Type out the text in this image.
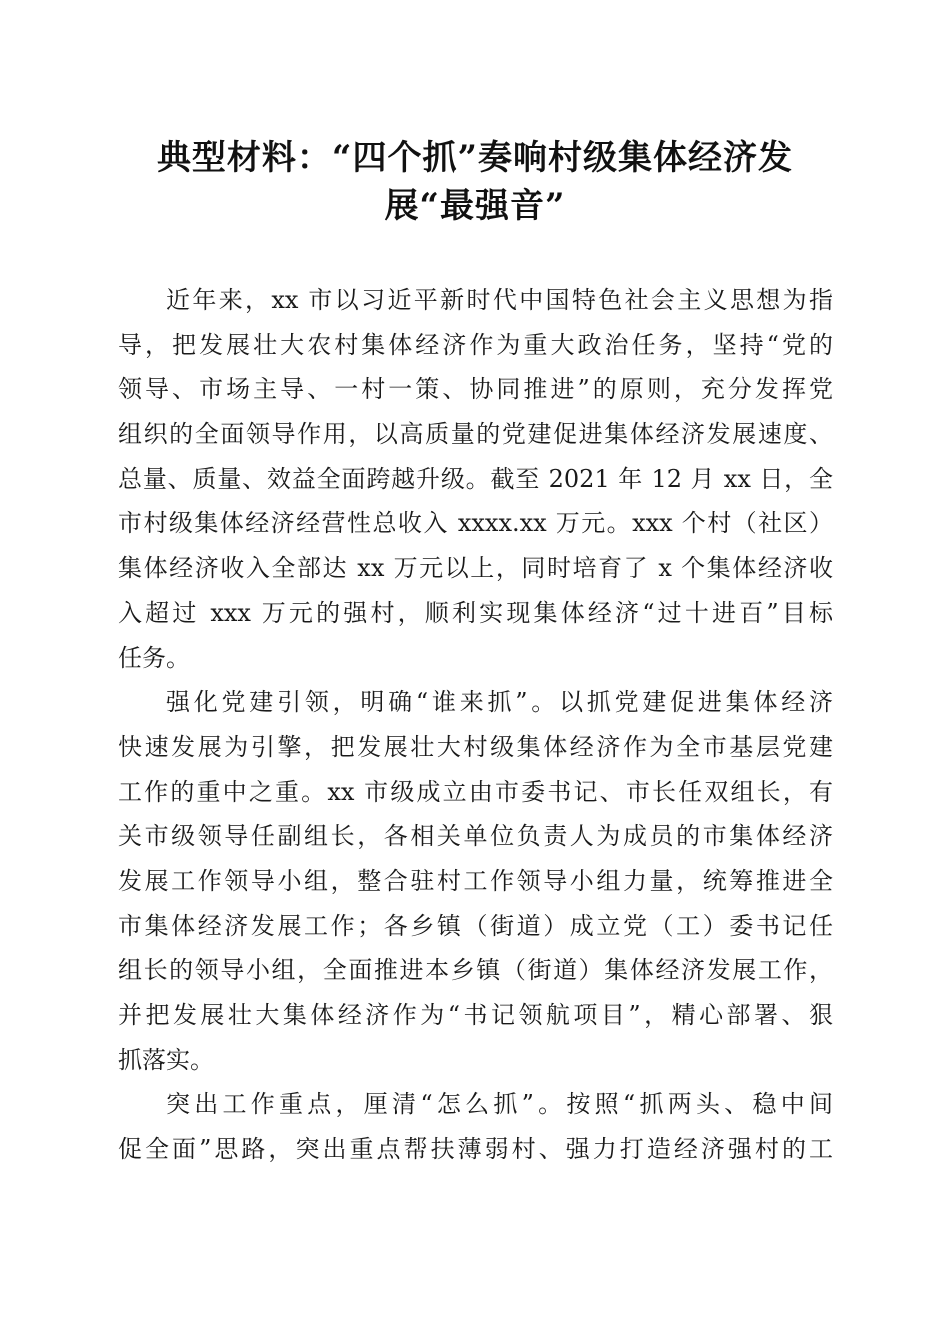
典型材料：“四个抓”奏响村级集体经济发
展“最强音”
近年来，xx 市以习近平新时代中国特色社会主义思想为指
导，把发展壮大农村集体经济作为重大政治任务，坚持“党的
领导、市场主导、一村一策、协同推进”的原则，充分发挥党
组织的全面领导作用，以高质量的党建促进集体经济发展速度、
总量、质量、效益全面跨越升级。截至 2021 年 12 月 xx 日，全
市村级集体经济经营性总收入 xxxx.xx 万元。xxx 个村（社区）
集体经济收入全部达 xx 万元以上，同时培育了 x 个集体经济收
入超过 xxx 万元的强村，顺利实现集体经济“过十进百”目标
任务。
强化党建引领，明确“谁来抓”。以抓党建促进集体经济
快速发展为引擎，把发展壮大村级集体经济作为全市基层党建
工作的重中之重。xx 市级成立由市委书记、市长任双组长，有
关市级领导任副组长，各相关单位负责人为成员的市集体经济
发展工作领导小组，整合驻村工作领导小组力量，统筹推进全
市集体经济发展工作；各乡镇（街道）成立党（工）委书记任
组长的领导小组，全面推进本乡镇（街道）集体经济发展工作，
并把发展壮大集体经济作为“书记领航项目”，精心部署、狠
抓落实。
突出工作重点，厘清“怎么抓”。按照“抓两头、稳中间
促全面”思路，突出重点帮扶薄弱村、强力打造经济强村的工
